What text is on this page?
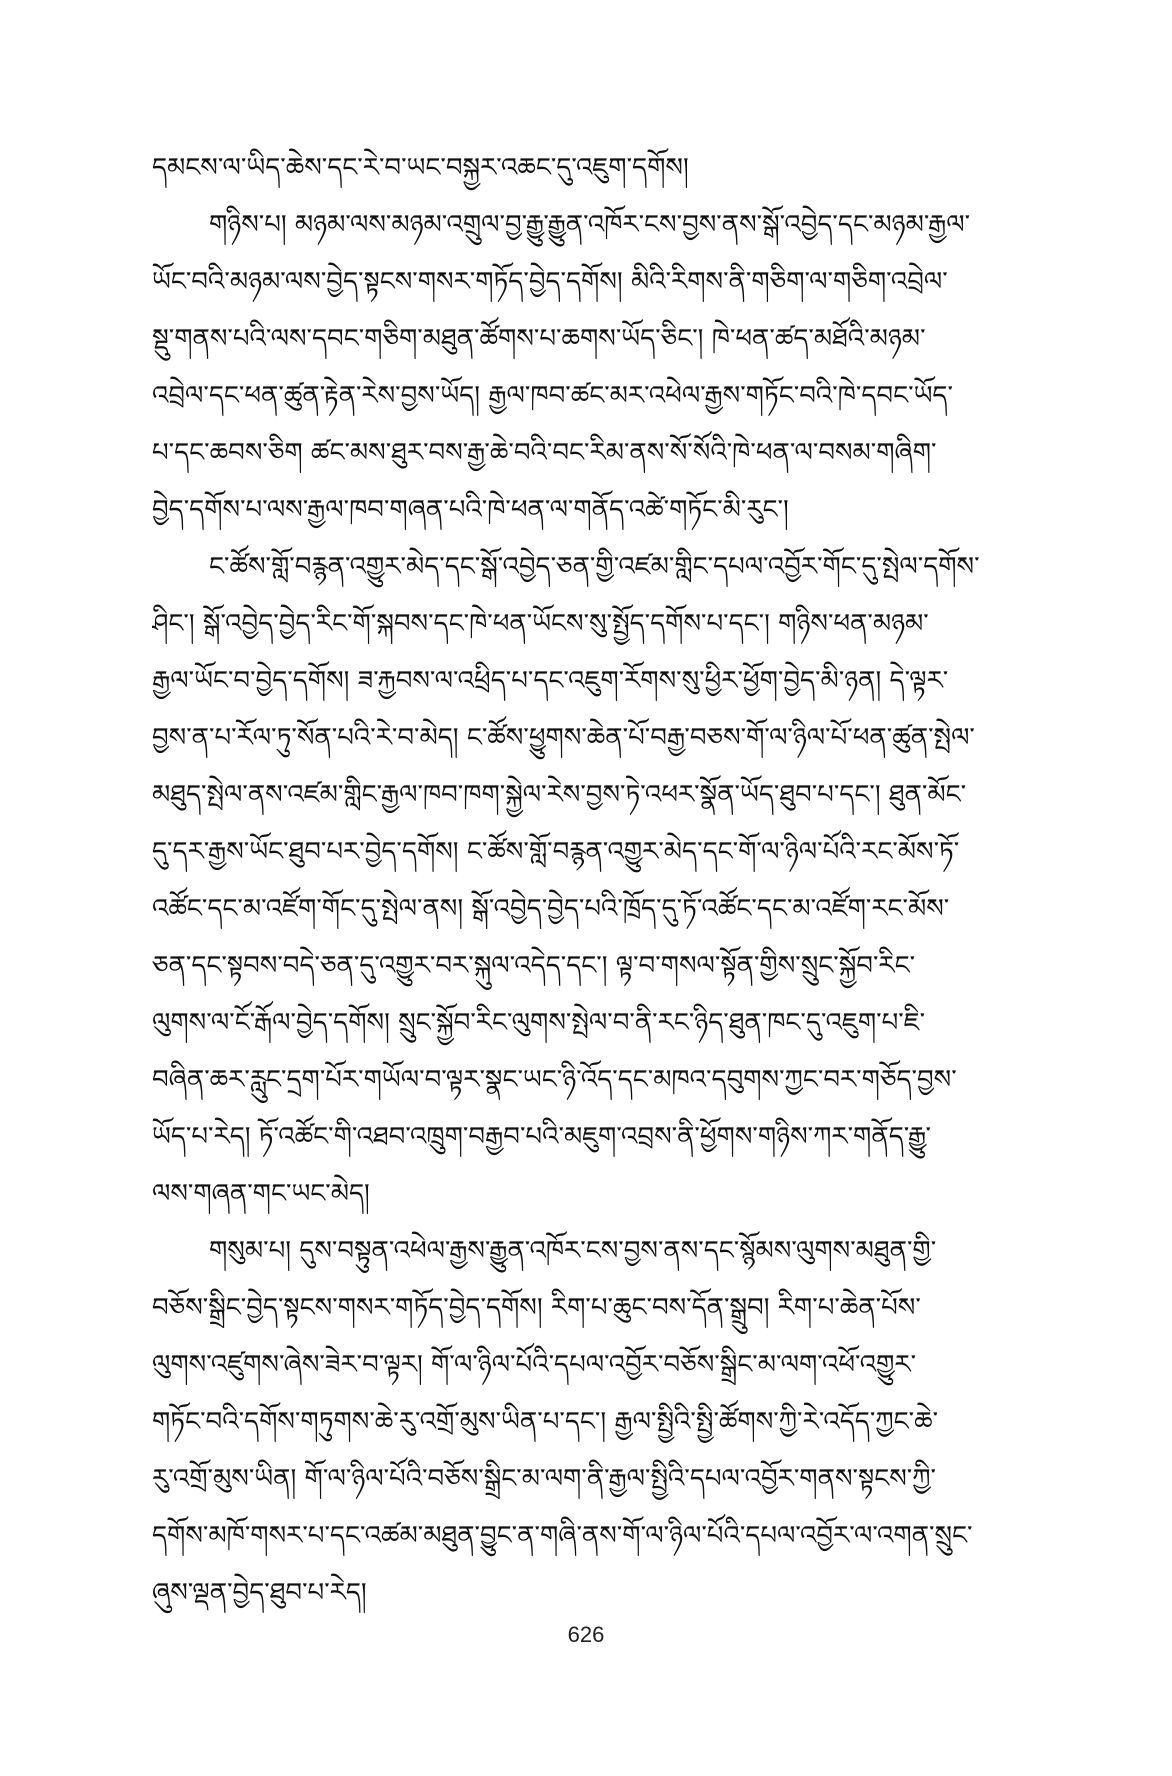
དམངས་ལ་ཡིད་ཆེས་དང་རེ་བ་ཡང་བསྐྱར་འཆང་དུ་འཇུག་དགོས།
གཉིས་པ། མཉམ་ལས་མཉམ་འགྲུལ་བྱ་རྒྱུ་རྒྱུན་འཁོར་ངས་བྱས་ནས་སྒོ་འབྱེད་དང་མཉམ་རྒྱལ་
ཡོང་བའི་མཉམ་ལས་བྱེད་སྟངས་གསར་གཏོད་བྱེད་དགོས། མིའི་རིགས་ནི་གཅིག་ལ་གཅིག་འབྲེལ་
སྡུ་གནས་པའི་ལས་དབང་གཅིག་མཐུན་ཚོགས་པ་ཆགས་ཡོད་ཅིང་། ཁེ་ཕན་ཚད་མཐོའི་མཉམ་
འབྲེལ་དང་ཕན་ཚུན་རྟེན་རེས་བྱས་ཡོད། རྒྱལ་ཁབ་ཚང་མར་འཕེལ་རྒྱས་གཏོང་བའི་ཁེ་དབང་ཡོད་
པ་དང་ཆབས་ཅིག ཚང་མས་ཐུར་བས་རྒྱ་ཆེ་བའི་བང་རིམ་ནས་སོ་སོའི་ཁེ་ཕན་ལ་བསམ་གཞིག་
བྱེད་དགོས་པ་ལས་རྒྱལ་ཁབ་གཞན་པའི་ཁེ་ཕན་ལ་གནོད་འཚེ་གཏོང་མི་རུང་།
ང་ཚོས་གློ་བརྙན་འགྱུར་མེད་དང་སྒོ་འབྱེད་ཅན་གྱི་འཛམ་གླིང་དཔལ་འབྱོར་གོང་དུ་སྤེལ་དགོས་
ཤིང་། སྒོ་འབྱེད་བྱེད་རིང་གོ་སྐབས་དང་ཁེ་ཕན་ཡོངས་སུ་སྤྱོད་དགོས་པ་དང་། གཉིས་ཕན་མཉམ་
རྒྱལ་ཡོང་བ་བྱེད་དགོས། ཟ་རྐྱབས་ལ་འཕྲིད་པ་དང་འཇུག་རོགས་སུ་ཕྱིར་ཕྱོག་བྱེད་མི་ཉན། དེ་ལྟར་
བྱས་ན་པ་རོལ་ཏུ་སོན་པའི་རེ་བ་མེད། ང་ཚོས་ཕྱུགས་ཆེན་པོ་བརྒྱ་བཅས་གོ་ལ་ཉིལ་པོ་ཕན་ཚུན་སྤེལ་
མཐུད་སྤེལ་ནས་འཛམ་གླིང་རྒྱལ་ཁབ་ཁག་སྐྱེལ་རེས་བྱས་ཏེ་འཕར་སྣོན་ཡོད་ཐུབ་པ་དང་། ཐུན་མོང་
དུ་དར་རྒྱས་ཡོང་ཐུབ་པར་བྱེད་དགོས། ང་ཚོས་གློ་བརྙན་འགྱུར་མེད་དང་གོ་ལ་ཉིལ་པོའི་རང་མོས་ཏོ་
འཚོང་དང་མ་འཛོག་གོང་དུ་སྤེལ་ནས། སྒོ་འབྱེད་བྱེད་པའི་ཁྲོད་དུ་ཏོ་འཚོང་དང་མ་འཛོག་རང་མོས་
ཅན་དང་སྟབས་བདེ་ཅན་དུ་འགྱུར་བར་སྐུལ་འདེད་དང་། ལྟ་བ་གསལ་སྟོན་གྱིས་སྲུང་སྐྱོབ་རིང་
ལུགས་ལ་ངོ་རྒོལ་བྱེད་དགོས། སྲུང་སྐྱོབ་རིང་ལུགས་སྤེལ་བ་ནི་རང་ཉིད་ཐུན་ཁང་དུ་འཇུག་པ་ཇི་
བཞིན་ཆར་རླུང་དྲག་པོར་གཡོལ་བ་ལྟར་སྣང་ཡང་ཉི་འོད་དང་མཁའ་དབུགས་ཀྱང་བར་གཅོད་བྱས་
ཡོད་པ་རེད། ཏོ་འཚོང་གི་འཐབ་འཁྲུག་བརྒྱབ་པའི་མཇུག་འབྲས་ནི་ཕྱོགས་གཉིས་ཀར་གནོད་རྒྱུ་
ལས་གཞན་གང་ཡང་མེད།
གསུམ་པ། དུས་བསྟུན་འཕེལ་རྒྱས་རྒྱུན་འཁོར་ངས་བྱས་ནས་དང་སྙོམས་ལུགས་མཐུན་གྱི་
བཅོས་སྒྲིང་བྱེད་སྟངས་གསར་གཏོད་བྱེད་དགོས། རིག་པ་ཆུང་བས་དོན་སྒྲུབ། རིག་པ་ཆེན་པོས་
ལུགས་འཛུགས་ཞེས་ཟེར་བ་ལྟར། གོ་ལ་ཉིལ་པོའི་དཔལ་འབྱོར་བཅོས་སྒྲིང་མ་ལག་འཕོ་འགྱུར་
གཏོང་བའི་དགོས་གཏུགས་ཆེ་རུ་འགྲོ་མུས་ཡིན་པ་དང་། རྒྱལ་སྤྱིའི་སྤྱི་ཚོགས་ཀྱི་རེ་འདོད་ཀྱང་ཆེ་
རུ་འགྲོ་མུས་ཡིན། གོ་ལ་ཉིལ་པོའི་བཅོས་སྒྲིང་མ་ལག་ནི་རྒྱལ་སྤྱིའི་དཔལ་འབྱོར་གནས་སྟངས་ཀྱི་
དགོས་མཁོ་གསར་པ་དང་འཚམ་མཐུན་བྱུང་ན་གཞི་ནས་གོ་ལ་ཉིལ་པོའི་དཔལ་འབྱོར་ལ་འགན་སྲུང་
ཞུས་ལྡན་བྱེད་ཐུབ་པ་རེད།
626
